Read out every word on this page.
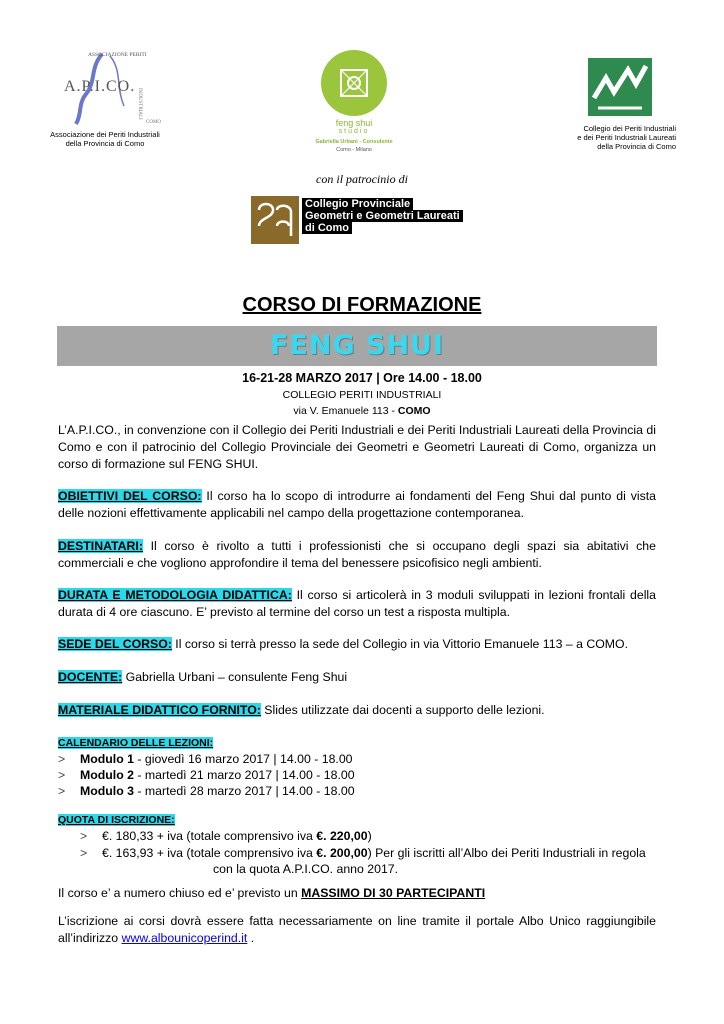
ASSOCIAZIONE PERITI
INDUSTRIALI
COMO
A.P.I.CO.
Associazione dei Periti Industriali
della Provincia di Como
feng shui
studio
Gabriella Urbani - Consulente
Como - Milano
Collegio dei Periti Industriali
e dei Periti Industriali Laureati
della Provincia di Como
con il patrocinio di
Collegio Provinciale
Geometri e Geometri Laureati
di Como
CORSO DI FORMAZIONE
FENG SHUI
16-21-28 MARZO 2017 | Ore 14.00 - 18.00
COLLEGIO PERITI INDUSTRIALI
via V. Emanuele 113 - COMO
L’A.P.I.CO., in convenzione con il Collegio dei Periti Industriali e dei Periti Industriali Laureati della Provincia di Como e con il patrocinio del Collegio Provinciale dei Geometri e Geometri Laureati di Como, organizza un corso di formazione sul FENG SHUI.
OBIETTIVI DEL CORSO: Il corso ha lo scopo di introdurre ai fondamenti del Feng Shui dal punto di vista delle nozioni effettivamente applicabili nel campo della progettazione contemporanea.
DESTINATARI: Il corso è rivolto a tutti i professionisti che si occupano degli spazi sia abitativi che commerciali e che vogliono approfondire il tema del benessere psicofisico negli ambienti.
DURATA E METODOLOGIA DIDATTICA: Il corso si articolerà in 3 moduli sviluppati in lezioni frontali della durata di 4 ore ciascuno. E’ previsto al termine del corso un test a risposta multipla.
SEDE DEL CORSO: Il corso si terrà presso la sede del Collegio in via Vittorio Emanuele 113 – a COMO.
DOCENTE: Gabriella Urbani – consulente Feng Shui
MATERIALE DIDATTICO FORNITO: Slides utilizzate dai docenti a supporto delle lezioni.
CALENDARIO DELLE LEZIONI:
> Modulo 1 - giovedì 16 marzo 2017 | 14.00 - 18.00
> Modulo 2 - martedì 21 marzo 2017 | 14.00 - 18.00
> Modulo 3 - martedì 28 marzo 2017 | 14.00 - 18.00
QUOTA DI ISCRIZIONE:
> €. 180,33 + iva (totale comprensivo iva €. 220,00)
> €. 163,93 + iva (totale comprensivo iva €. 200,00) Per gli iscritti all’Albo dei Periti Industriali in regola
con la quota A.P.I.CO. anno 2017.
Il corso e’ a numero chiuso ed e’ previsto un MASSIMO DI 30 PARTECIPANTI
L’iscrizione ai corsi dovrà essere fatta necessariamente on line tramite il portale Albo Unico raggiungibile all’indirizzo www.albounicoperind.it .
